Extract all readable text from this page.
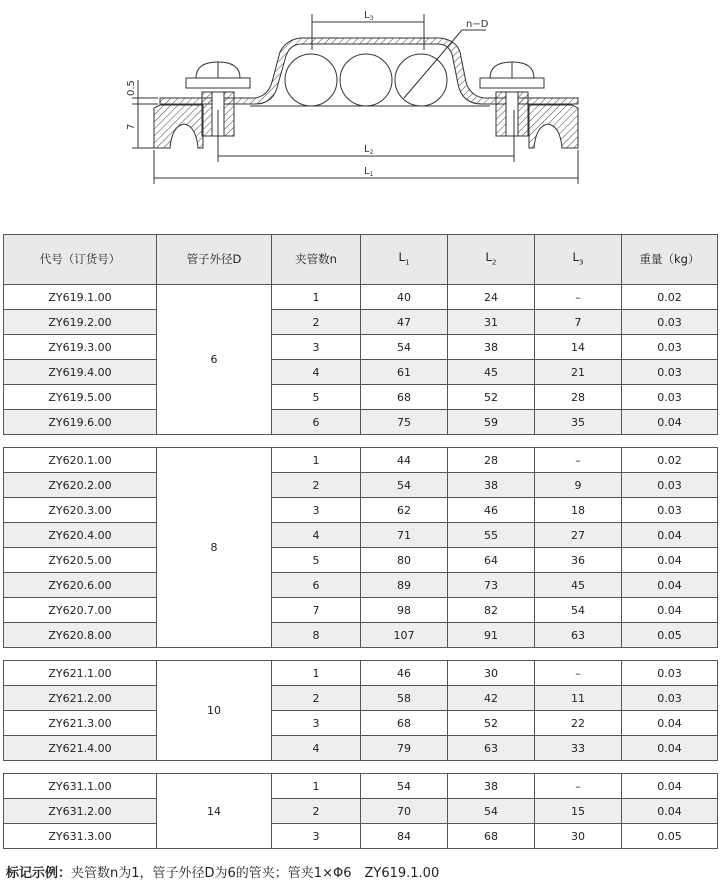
$L_3$
n−D
$L_2$
$L_1$
0.5
7
代号（订货号）	管子外径D	夹管数n	$L_1$	$L_2$	$L_3$	重量（kg）
ZY619.1.00	6	1	40	24	–	0.02
ZY619.2.00		2	47	31	7	0.03
ZY619.3.00		3	54	38	14	0.03
ZY619.4.00		4	61	45	21	0.03
ZY619.5.00		5	68	52	28	0.03
ZY619.6.00		6	75	59	35	0.04

ZY620.1.00	8	1	44	28	–	0.02
ZY620.2.00		2	54	38	9	0.03
ZY620.3.00		3	62	46	18	0.03
ZY620.4.00		4	71	55	27	0.04
ZY620.5.00		5	80	64	36	0.04
ZY620.6.00		6	89	73	45	0.04
ZY620.7.00		7	98	82	54	0.04
ZY620.8.00		8	107	91	63	0.05

ZY621.1.00	10	1	46	30	–	0.03
ZY621.2.00		2	58	42	11	0.03
ZY621.3.00		3	68	52	22	0.04
ZY621.4.00		4	79	63	33	0.04

ZY631.1.00	14	1	54	38	–	0.04
ZY631.2.00		2	70	54	15	0.04
ZY631.3.00		3	84	68	30	0.05
标记示例：夹管数n为1，管子外径D为6的管夹；管夹1×Φ6　ZY619.1.00
